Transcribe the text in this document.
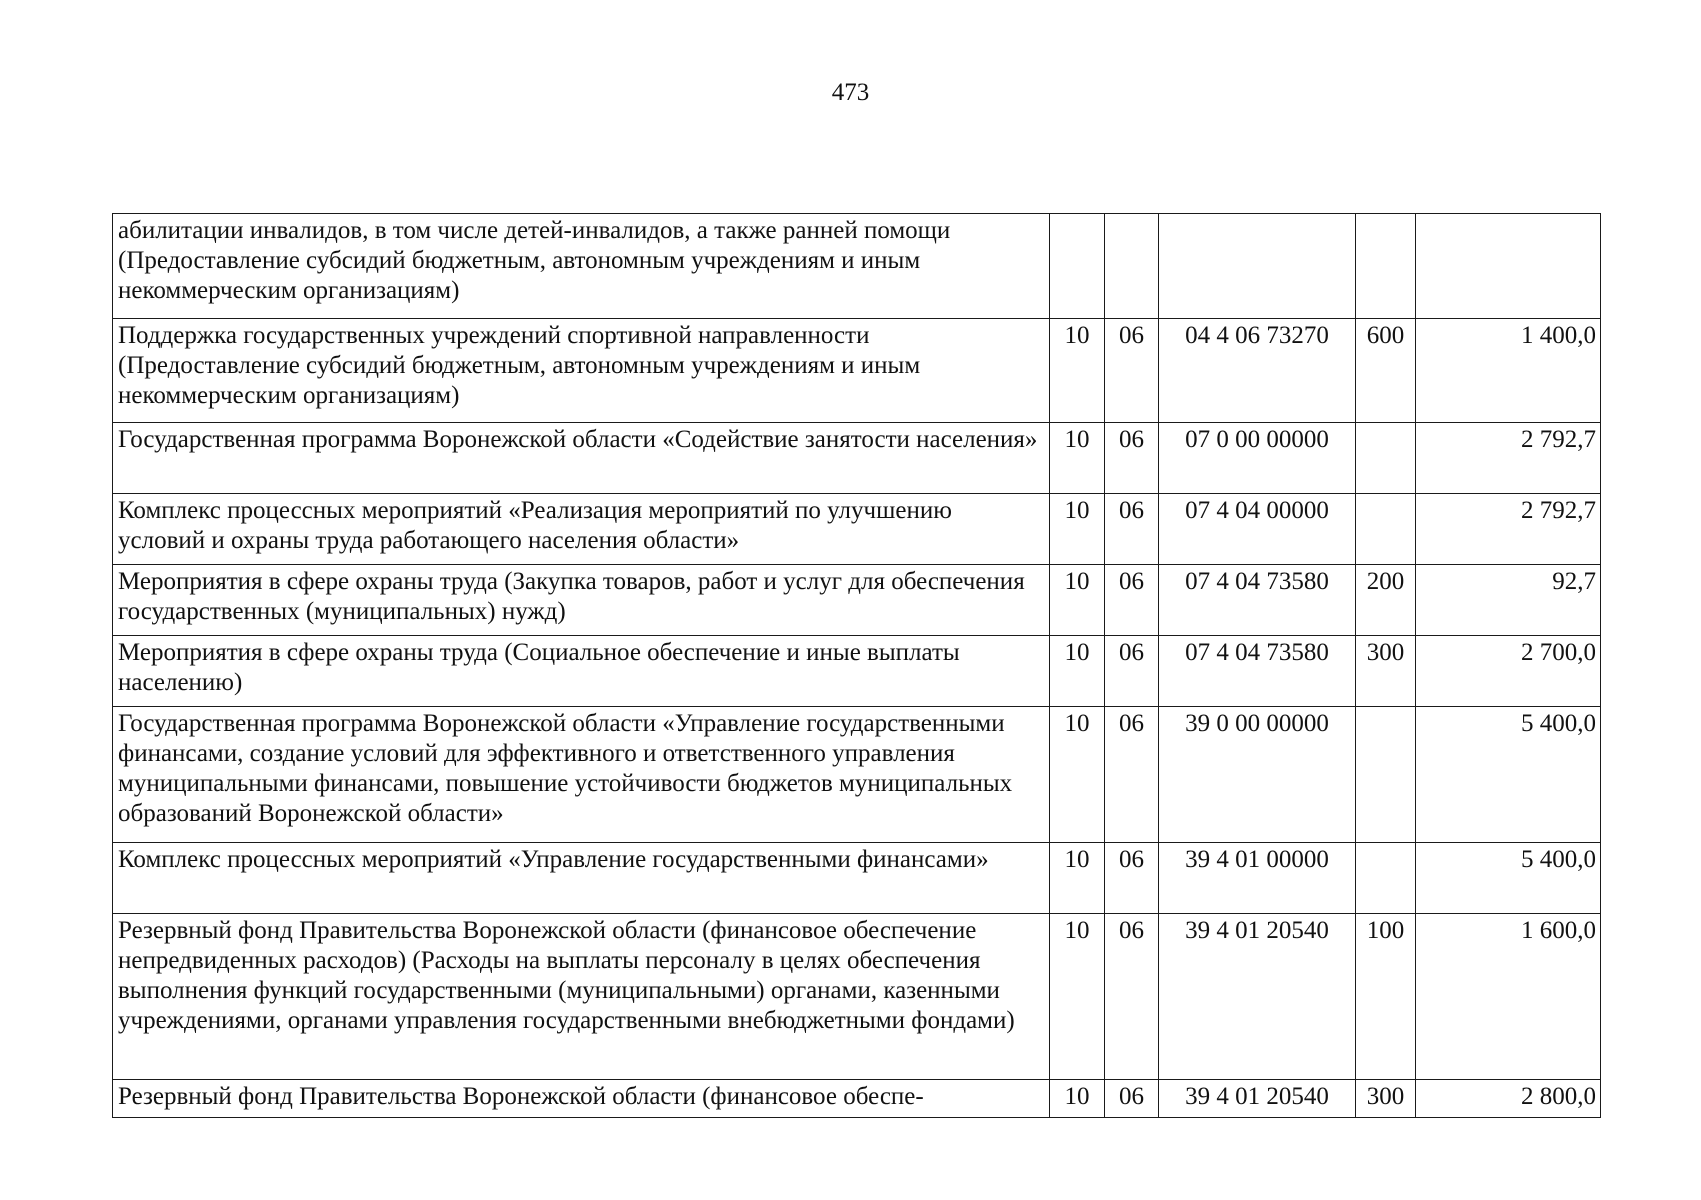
473
абилитации инвалидов, в том числе детей-инвалидов, а также ранней помощи (Предоставление субсидий бюджетным, автономным учреждениям и иным некоммерческим организациям)					
Поддержка государственных учреждений спортивной направленности (Предоставление субсидий бюджетным, автономным учреждениям и иным некоммерческим организациям)	10	06	04 4 06 73270	600	1 400,0
Государственная программа Воронежской области «Содействие занятости населения»	10	06	07 0 00 00000		2 792,7
Комплекс процессных мероприятий «Реализация мероприятий по улучшению условий и охраны труда работающего населения области»	10	06	07 4 04 00000		2 792,7
Мероприятия в сфере охраны труда (Закупка товаров, работ и услуг для обеспечения государственных (муниципальных) нужд)	10	06	07 4 04 73580	200	92,7
Мероприятия в сфере охраны труда (Социальное обеспечение и иные выплаты населению)	10	06	07 4 04 73580	300	2 700,0
Государственная программа Воронежской области «Управление государственными финансами, создание условий для эффективного и ответственного управления муниципальными финансами, повышение устойчивости бюджетов муниципальных образований Воронежской области»	10	06	39 0 00 00000		5 400,0
Комплекс процессных мероприятий «Управление государственными финансами»	10	06	39 4 01 00000		5 400,0
Резервный фонд Правительства Воронежской области (финансовое обеспечение непредвиденных расходов) (Расходы на выплаты персоналу в целях обеспечения выполнения функций государственными (муниципальными) органами, казенными учреждениями, органами управления государственными внебюджетными фондами)	10	06	39 4 01 20540	100	1 600,0
Резервный фонд Правительства Воронежской области (финансовое обеспе-	10	06	39 4 01 20540	300	2 800,0
